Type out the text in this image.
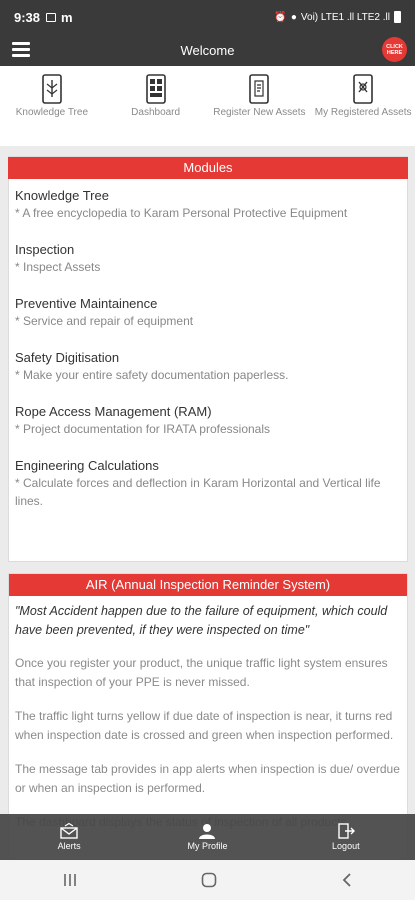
9:38 m	⏰ ● Voi) LTE1 .ll LTE2 .ll
Welcome	CLICK HERE
Knowledge Tree	Dashboard	Register New Assets My Registered Assets
Modules
Knowledge Tree
* A free encyclopedia to Karam Personal Protective Equipment
Inspection
* Inspect Assets
Preventive Maintainence
* Service and repair of equipment
Safety Digitisation
* Make your entire safety documentation paperless.
Rope Access Management (RAM)
* Project documentation for IRATA professionals
Engineering Calculations
* Calculate forces and deflection in Karam Horizontal and Vertical life lines.
AIR (Annual Inspection Reminder System)
"Most Accident happen due to the failure of equipment, which could have been prevented, if they were inspected on time"

Once you register your product, the unique traffic light system ensures that inspection of your PPE is never missed.

The traffic light turns yellow if due date of inspection is near, it turns red when inspection date is crossed and green when inspection performed.

The message tab provides in app alerts when inspection is due/ overdue or when an inspection is performed.

Alerts	My Profile	Logout
